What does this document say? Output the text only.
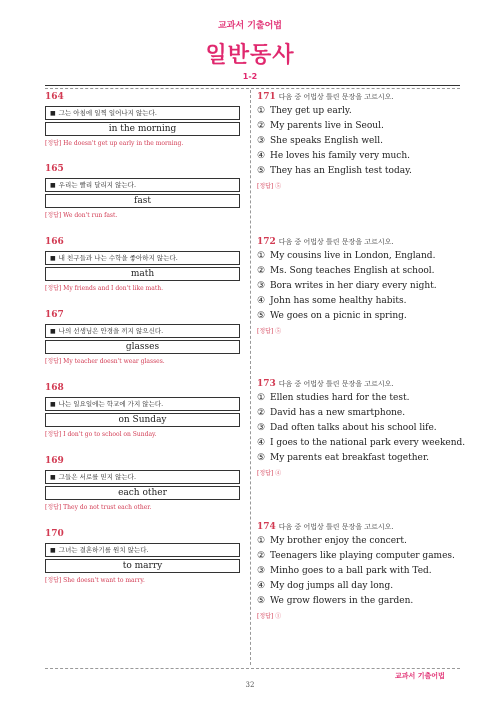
교과서 기출어법
일반동사
1-2
164
■ 그는 아침에 일찍 일어나지 않는다.
in the morning
[정답] He doesn't get up early in the morning.
165
■ 우리는 빨리 달리지 않는다.
fast
[정답] We don't run fast.
166
■ 내 친구들과 나는 수학을 좋아하지 않는다.
math
[정답] My friends and I don't like math.
167
■ 나의 선생님은 안경을 끼지 않으신다.
glasses
[정답] My teacher doesn't wear glasses.
168
■ 나는 일요일에는 학교에 가지 않는다.
on Sunday
[정답] I don't go to school on Sunday.
169
■ 그들은 서로를 믿지 않는다.
each other
[정답] They do not trust each other.
170
■ 그녀는 결혼하기를 원치 않는다.
to marry
[정답] She doesn't want to marry.
171 다음 중 어법상 틀린 문장을 고르시오.
① They get up early.
② My parents live in Seoul.
③ She speaks English well.
④ He loves his family very much.
⑤ They has an English test today.
[정답] ⑤
172 다음 중 어법상 틀린 문장을 고르시오.
① My cousins live in London, England.
② Ms. Song teaches English at school.
③ Bora writes in her diary every night.
④ John has some healthy habits.
⑤ We goes on a picnic in spring.
[정답] ⑤
173 다음 중 어법상 틀린 문장을 고르시오.
① Ellen studies hard for the test.
② David has a new smartphone.
③ Dad often talks about his school life.
④ I goes to the national park every weekend.
⑤ My parents eat breakfast together.
[정답] ④
174 다음 중 어법상 틀린 문장을 고르시오.
① My brother enjoy the concert.
② Teenagers like playing computer games.
③ Minho goes to a ball park with Ted.
④ My dog jumps all day long.
⑤ We grow flowers in the garden.
[정답] ①
교과서 기출어법
32
